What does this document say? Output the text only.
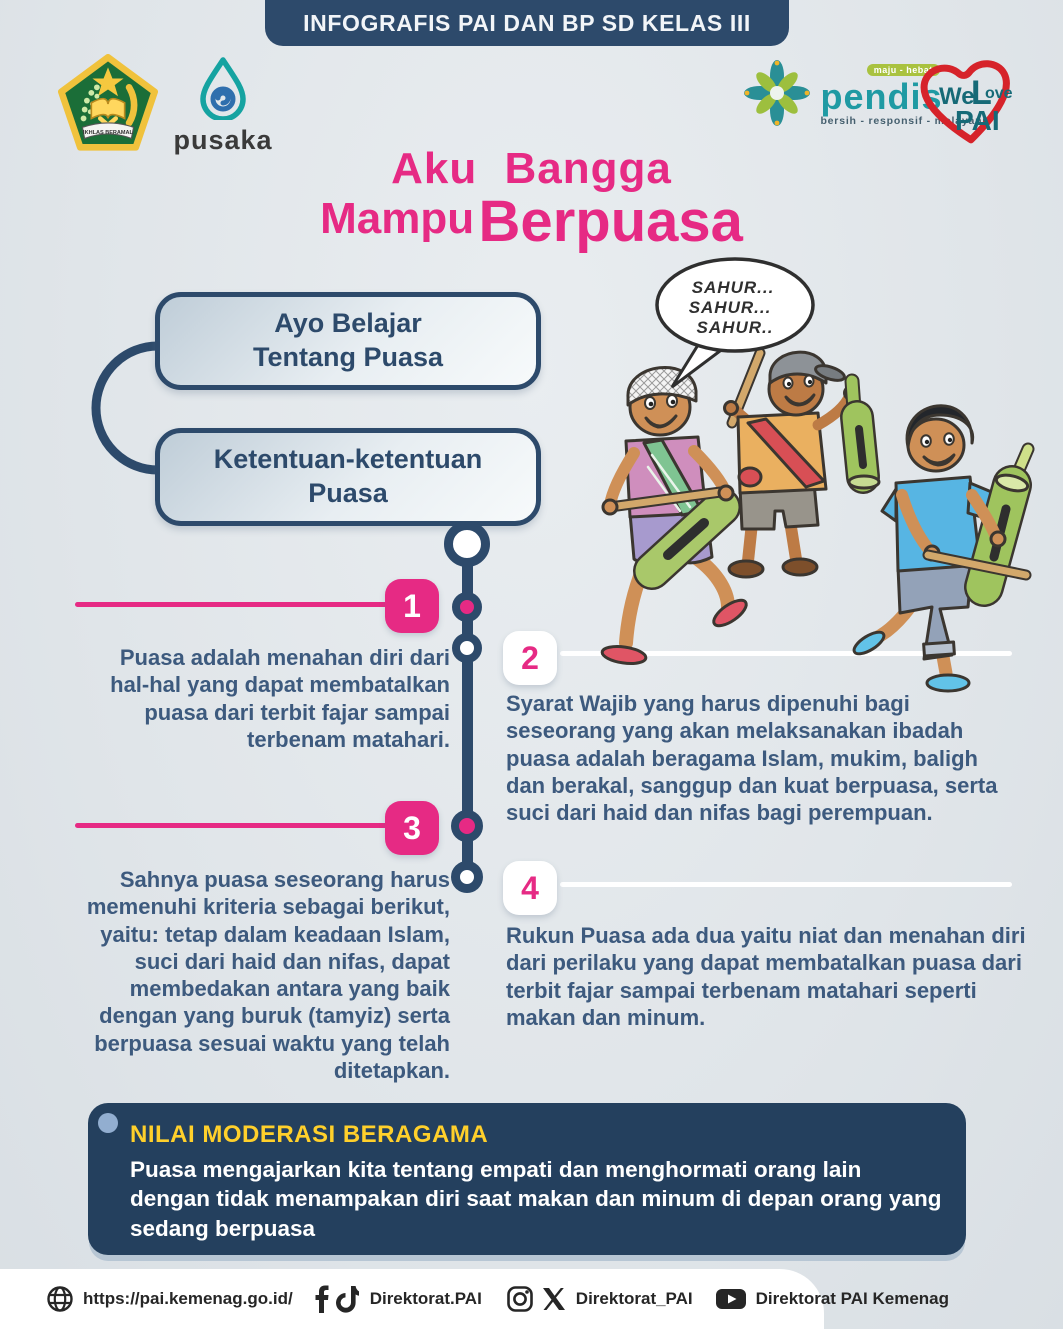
INFOGRAFIS PAI DAN BP SD KELAS III
IKHLAS BERAMAL pusaka

maju - hebat
pendis
bersih - responsif - melayani
We
L
ove
PAI
Aku Bangga
Mampu Berpuasa
Ayo Belajar
Tentang Puasa
Ketentuan-ketentuan
Puasa
1
Puasa adalah menahan diri dari hal-hal yang dapat membatalkan puasa dari terbit fajar sampai terbenam matahari.
2
Syarat Wajib yang harus dipenuhi bagi seseorang yang akan melaksanakan ibadah puasa adalah beragama Islam, mukim, baligh dan berakal, sanggup dan kuat berpuasa, serta suci dari haid dan nifas bagi perempuan.
3
Sahnya puasa seseorang harus memenuhi kriteria sebagai berikut, yaitu: tetap dalam keadaan Islam, suci dari haid dan nifas, dapat membedakan antara yang baik dengan yang buruk (tamyiz) serta berpuasa sesuai waktu yang telah ditetapkan.
4
Rukun Puasa ada dua yaitu niat dan menahan diri dari perilaku yang dapat membatalkan puasa dari terbit fajar sampai terbenam matahari seperti makan dan minum.
SAHUR...
SAHUR...
SAHUR..
NILAI MODERASI BERAGAMA

Puasa mengajarkan kita tentang empati dan menghormati orang lain dengan tidak menampakan diri saat makan dan minum di depan orang yang sedang berpuasa

https://pai.kemenag.go.id/	Direktorat.PAI	Direktorat_PAI	Direktorat PAI Kemenag
